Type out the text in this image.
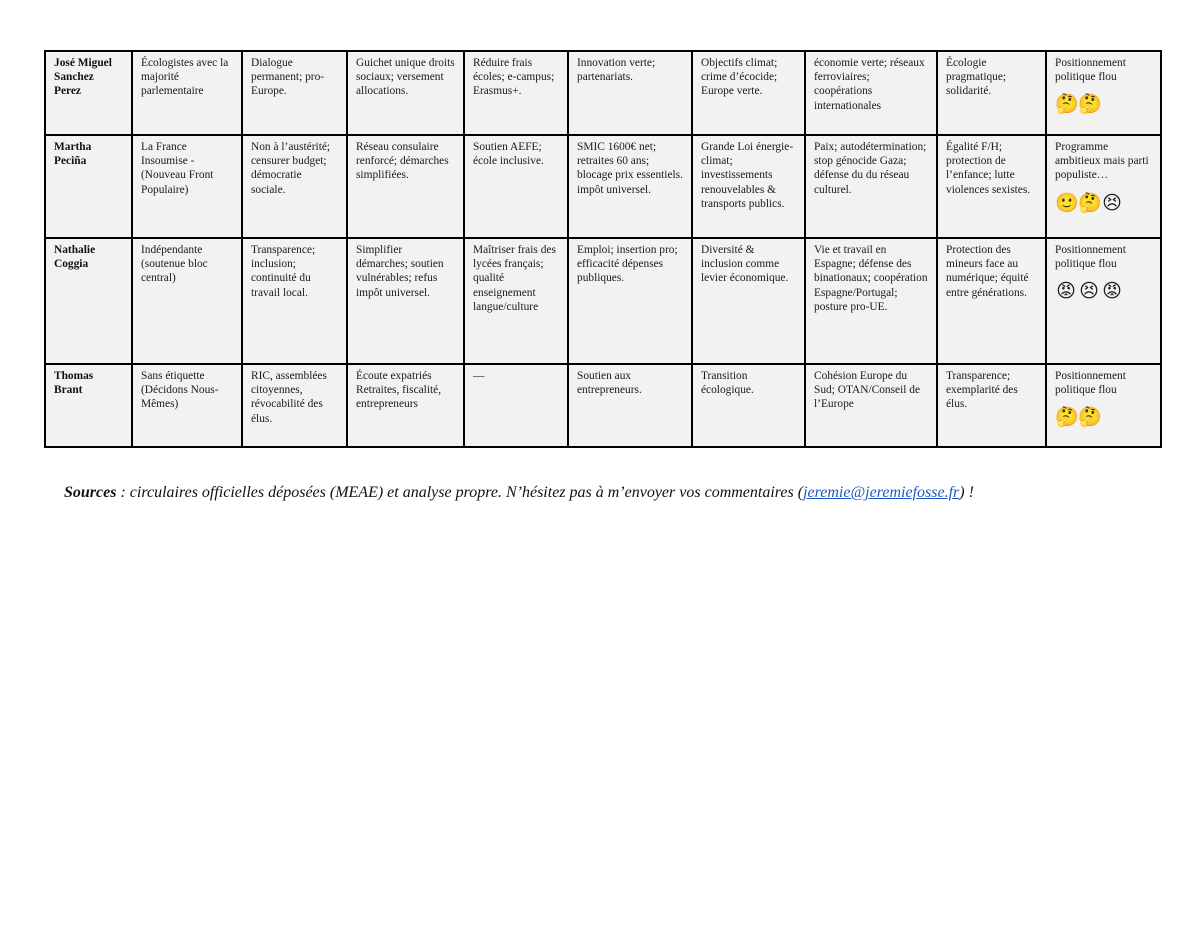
José Miguel Sanchez Perez	Écologistes avec la majorité parlementaire	Dialogue permanent; pro-Europe.	Guichet unique droits sociaux; versement allocations.	Réduire frais écoles; e-campus; Erasmus+.	Innovation verte; partenariats.	Objectifs climat; crime d’écocide; Europe verte.	économie verte; réseaux ferroviaires; coopérations internationales	Écologie pragmatique; solidarité.	Positionnement politique flou
🤔 🤔

Martha Peciña	La France Insoumise - (Nouveau Front Populaire)	Non à l’austérité; censurer budget; démocratie sociale.	Réseau consulaire renforcé; démarches simplifiées.	Soutien AEFE; école inclusive.	SMIC 1600€ net; retraites 60 ans; blocage prix essentiels. impôt universel.	Grande Loi énergie-climat; investissements renouvelables & transports publics.	Paix; autodétermination; stop génocide Gaza; défense du du réseau culturel.	Égalité F/H; protection de l’enfance; lutte violences sexistes.	Programme ambitieux mais parti populiste…
🙂 🤔 😣

Nathalie Coggia	Indépendante (soutenue bloc central)	Transparence; inclusion; continuité du travail local.	Simplifier démarches; soutien vulnérables; refus impôt universel.	Maîtriser frais des lycées français; qualité enseignement langue/culture	Emploi; insertion pro; efficacité dépenses publiques.	Diversité & inclusion comme levier économique.	Vie et travail en Espagne; défense des binationaux; coopération Espagne/Portugal; posture pro-UE.	Protection des mineurs face au numérique; équité entre générations.	Positionnement politique flou
😡 😣 😡

Thomas Brant	Sans étiquette (Décidons Nous-Mêmes)	RIC, assemblées citoyennes, révocabilité des élus.	Écoute expatriés Retraites, fiscalité, entrepreneurs	—	Soutien aux entrepreneurs.	Transition écologique.	Cohésion Europe du Sud; OTAN/Conseil de l’Europe	Transparence; exemplarité des élus.	Positionnement politique flou
🤔 🤔
Sources : circulaires officielles déposées (MEAE) et analyse propre. N’hésitez pas à m’envoyer vos commentaires (jeremie@jeremiefosse.fr) !
